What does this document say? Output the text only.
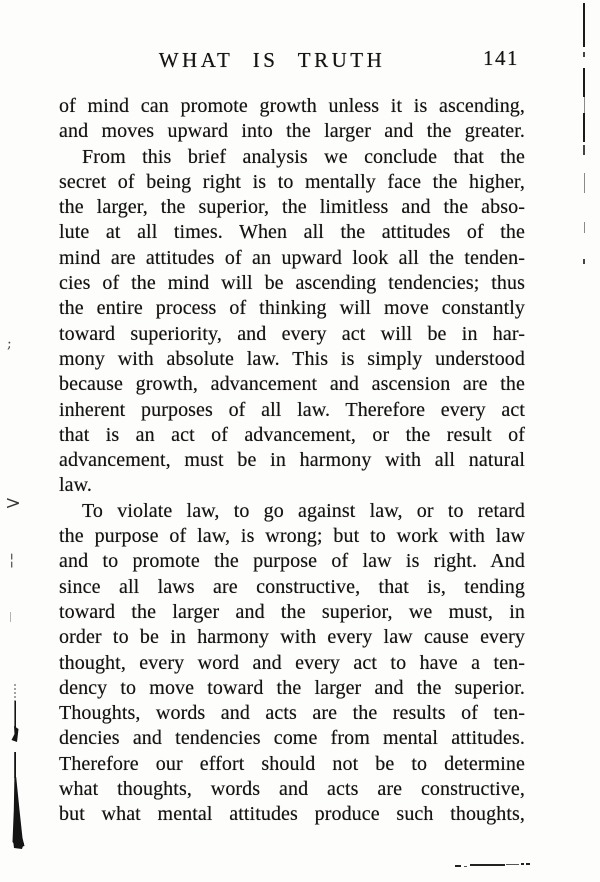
WHAT IS TRUTH	141
of mind can promote growth unless it is ascending,
and moves upward into the larger and the greater.
From this brief analysis we conclude that the
secret of being right is to mentally face the higher,
the larger, the superior, the limitless and the abso-
lute at all times. When all the attitudes of the
mind are attitudes of an upward look all the tenden-
cies of the mind will be ascending tendencies; thus
the entire process of thinking will move constantly
toward superiority, and every act will be in har-
mony with absolute law. This is simply understood
because growth, advancement and ascension are the
inherent purposes of all law. Therefore every act
that is an act of advancement, or the result of
advancement, must be in harmony with all natural
law.
To violate law, to go against law, or to retard
the purpose of law, is wrong; but to work with law
and to promote the purpose of law is right. And
since all laws are constructive, that is, tending
toward the larger and the superior, we must, in
order to be in harmony with every law cause every
thought, every word and every act to have a ten-
dency to move toward the larger and the superior.
Thoughts, words and acts are the results of ten-
dencies and tendencies come from mental attitudes.
Therefore our effort should not be to determine
what thoughts, words and acts are constructive,
but what mental attitudes produce such thoughts,
;
>
¦
